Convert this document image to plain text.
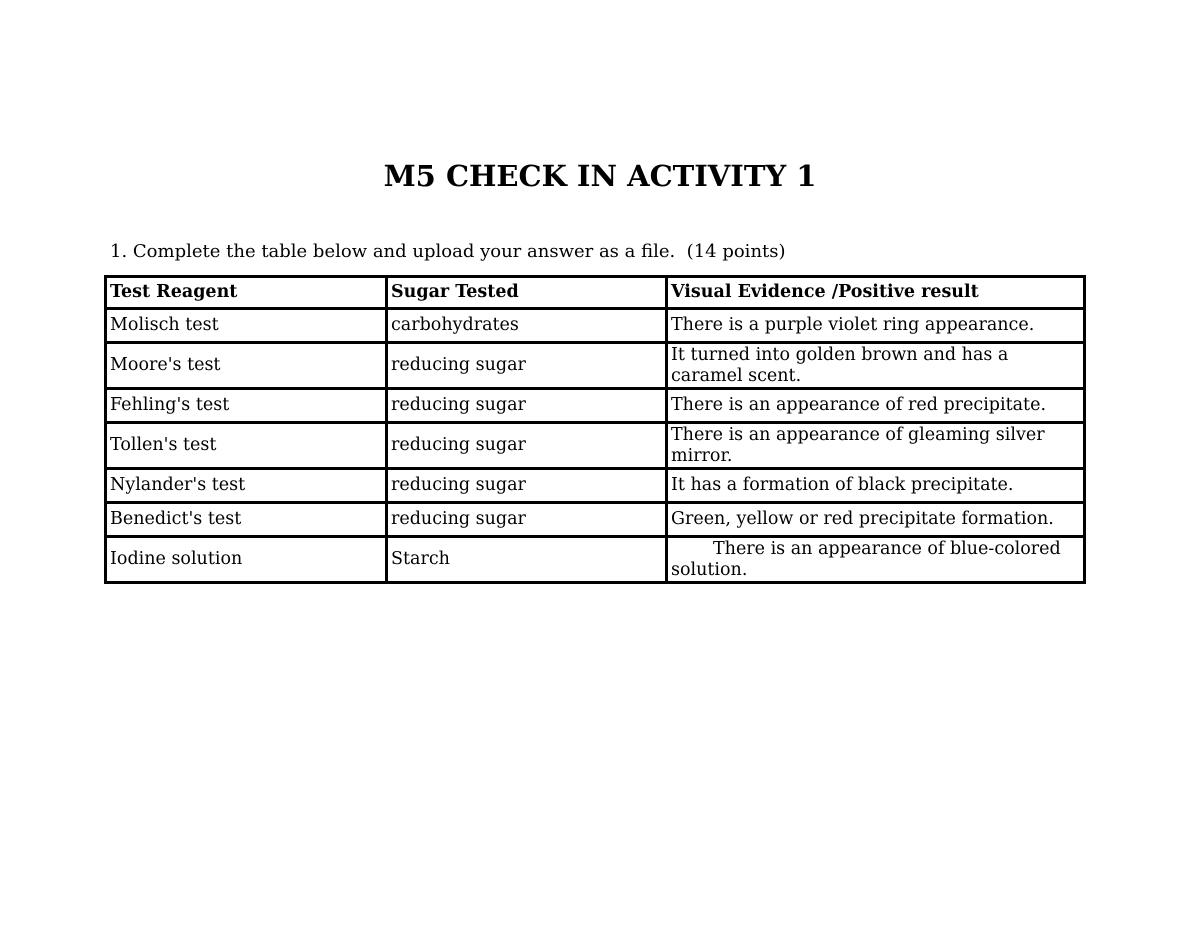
M5 CHECK IN ACTIVITY 1
1. Complete the table below and upload your answer as a file.  (14 points)
Test Reagent	Sugar Tested	Visual Evidence /Positive result
Molisch test	carbohydrates	There is a purple violet ring appearance.
Moore's test	reducing sugar	It turned into golden brown and has a caramel scent.
Fehling's test	reducing sugar	There is an appearance of red precipitate.
Tollen's test	reducing sugar	There is an appearance of gleaming silver mirror.
Nylander's test	reducing sugar	It has a formation of black precipitate.
Benedict's test	reducing sugar	Green, yellow or red precipitate formation.
Iodine solution	Starch	There is an appearance of blue-colored solution.
